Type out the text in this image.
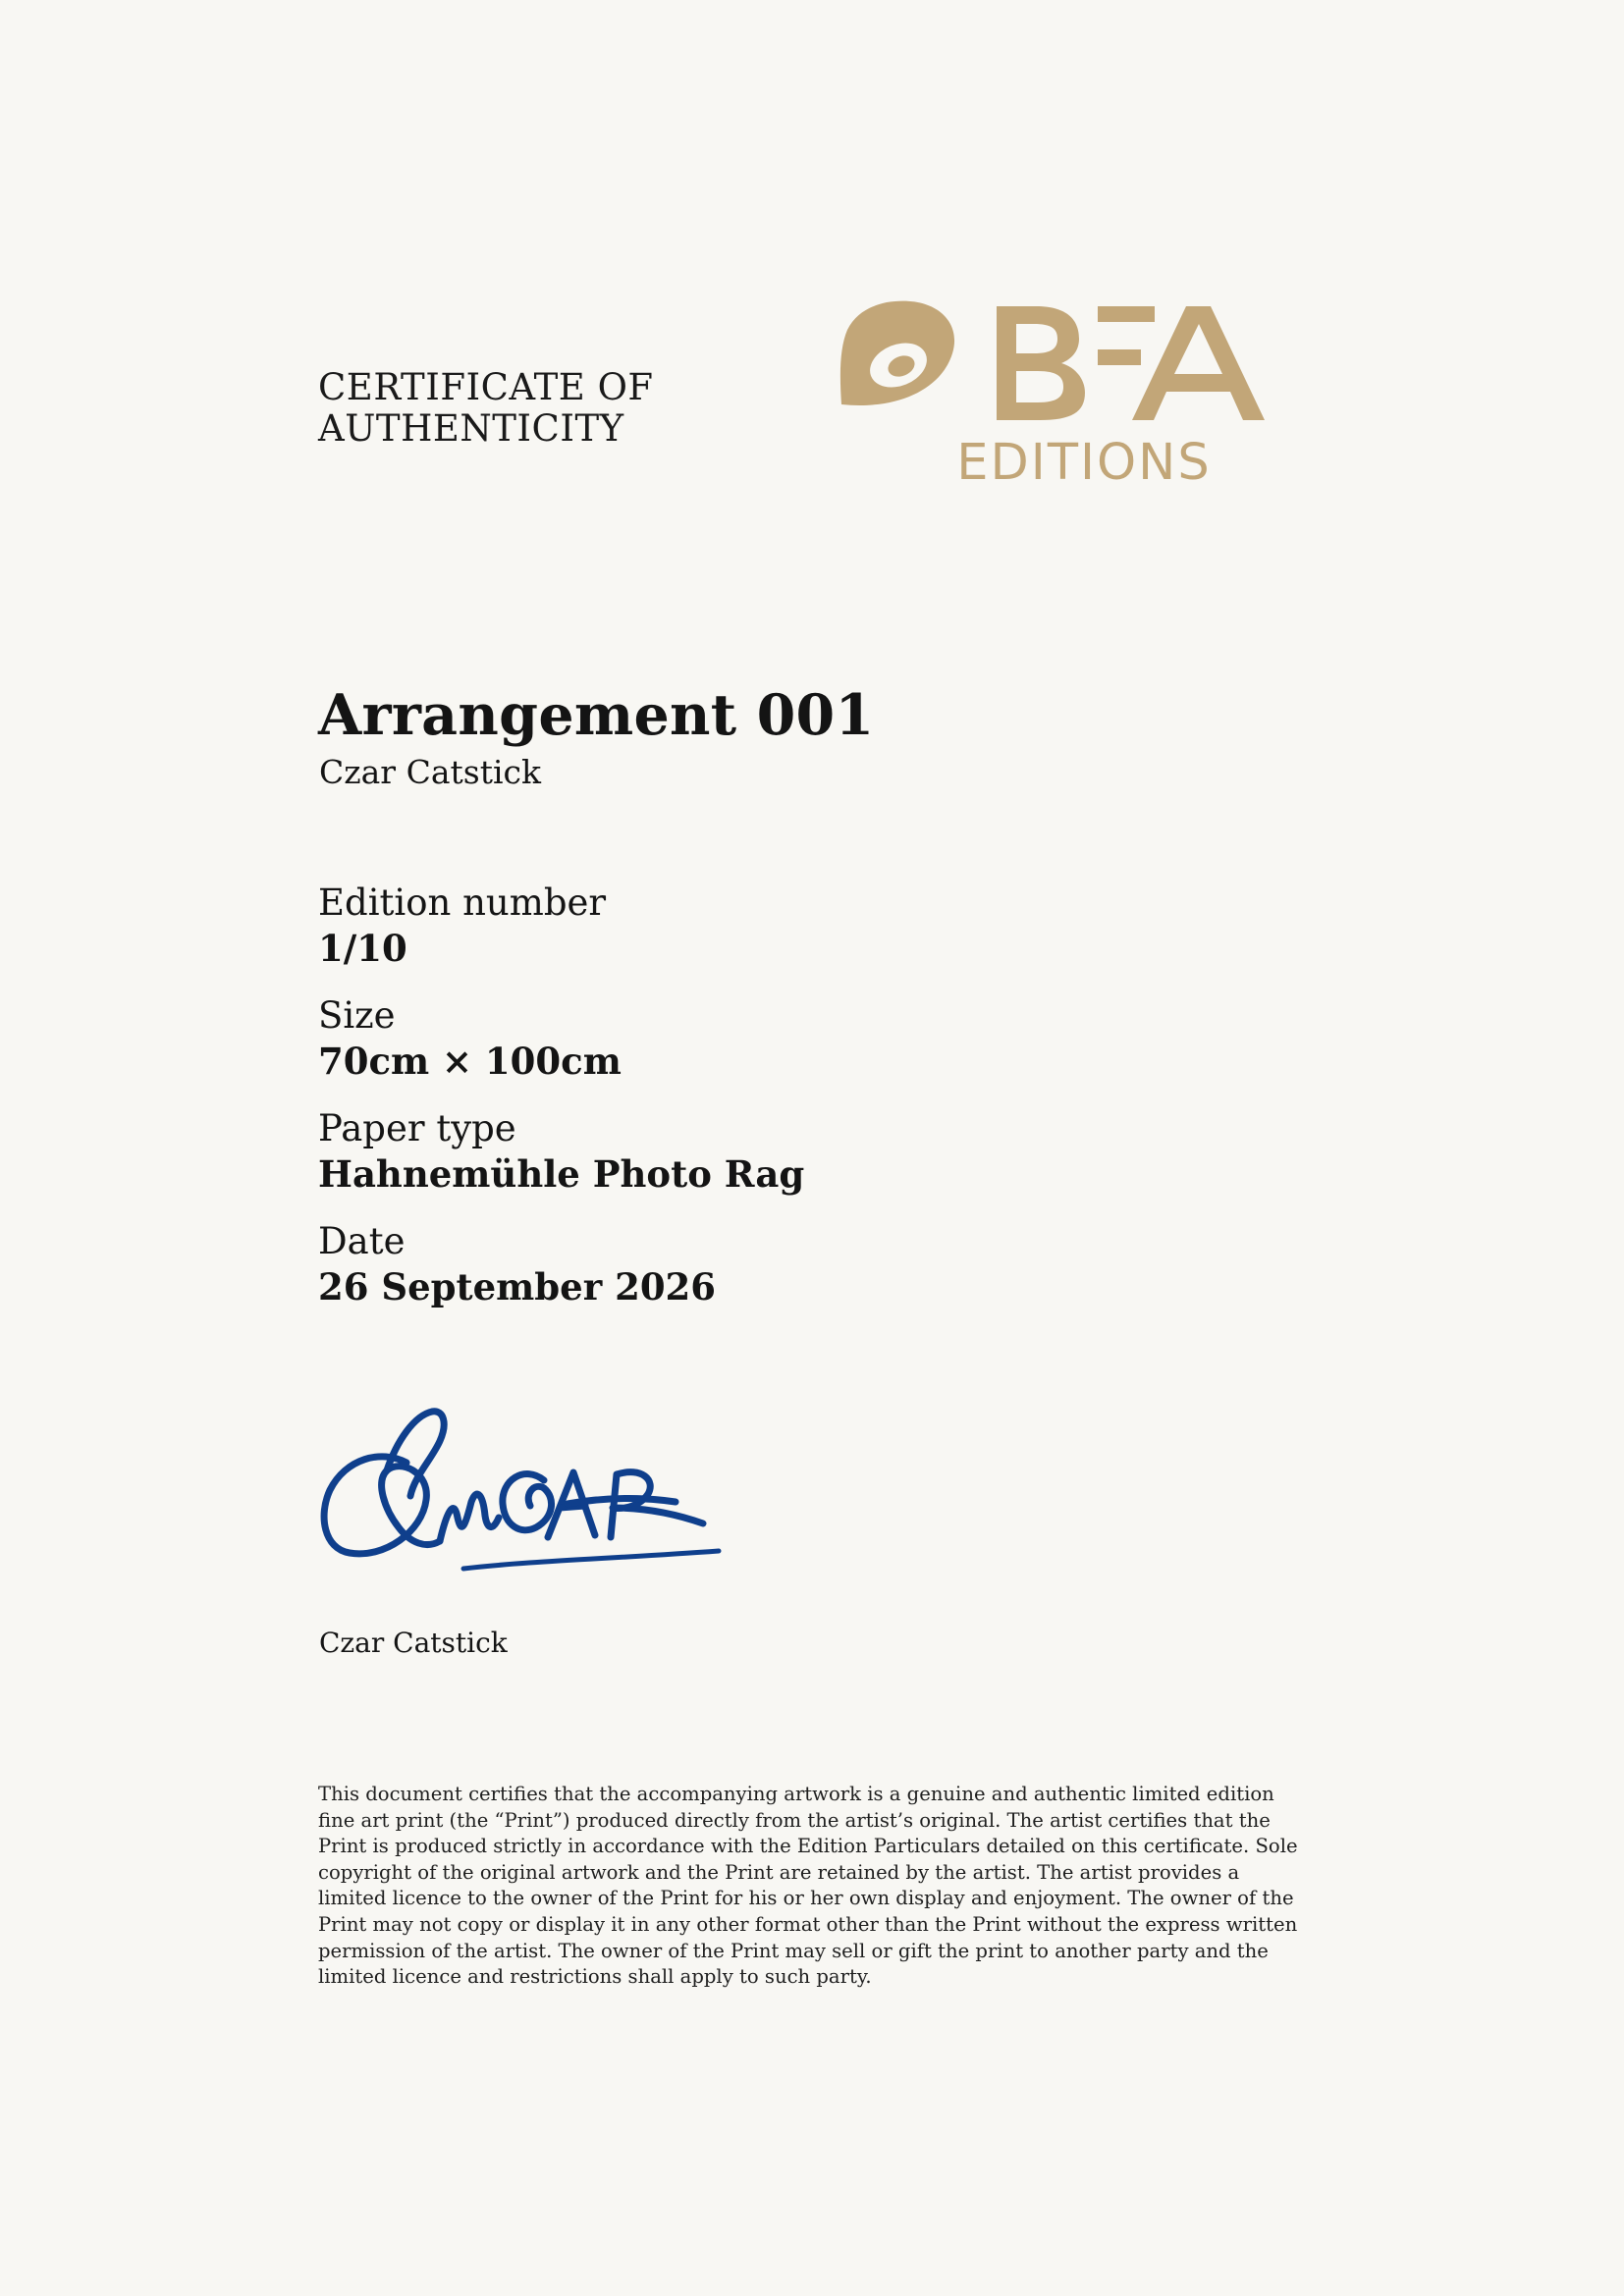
CERTIFICATE OF
AUTHENTICITY
EDITIONS
Arrangement 001
Czar Catstick
Edition number
1/10
Size
70cm × 100cm
Paper type
Hahnemühle Photo Rag
Date
26 September 2026
Czar Catstick

This document certifies that the accompanying artwork is a genuine and authentic limited edition fine art print (the “Print”) produced directly from the artist’s original. The artist certifies that the Print is produced strictly in accordance with the Edition Particulars detailed on this certificate. Sole copyright of the original artwork and the Print are retained by the artist. The artist provides a limited licence to the owner of the Print for his or her own display and enjoyment. The owner of the Print may not copy or display it in any other format other than the Print without the express written permission of the artist. The owner of the Print may sell or gift the print to another party and the limited licence and restrictions shall apply to such party.
